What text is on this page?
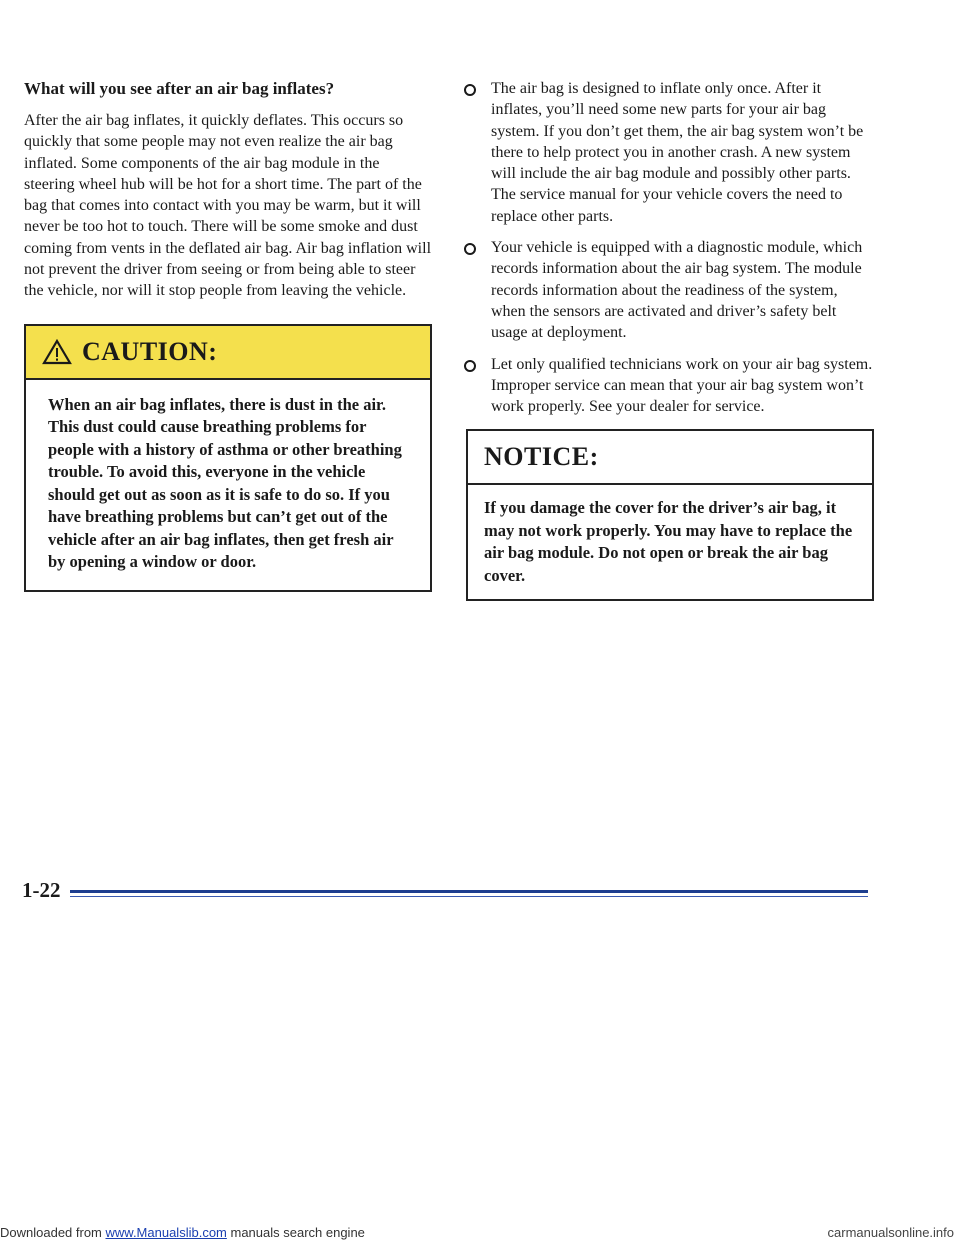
What will you see after an air bag inflates?

After the air bag inflates, it quickly deflates. This occurs so quickly that some people may not even realize the air bag inflated. Some components of the air bag module in the steering wheel hub will be hot for a short time. The part of the bag that comes into contact with you may be warm, but it will never be too hot to touch. There will be some smoke and dust coming from vents in the deflated air bag. Air bag inflation will not prevent the driver from seeing or from being able to steer the vehicle, nor will it stop people from leaving the vehicle.

CAUTION:
When an air bag inflates, there is dust in the air. This dust could cause breathing problems for people with a history of asthma or other breathing trouble. To avoid this, everyone in the vehicle should get out as soon as it is safe to do so. If you have breathing problems but can’t get out of the vehicle after an air bag inflates, then get fresh air by opening a window or door.
The air bag is designed to inflate only once. After it inflates, you’ll need some new parts for your air bag system. If you don’t get them, the air bag system won’t be there to help protect you in another crash. A new system will include the air bag module and possibly other parts. The service manual for your vehicle covers the need to replace other parts.
Your vehicle is equipped with a diagnostic module, which records information about the air bag system. The module records information about the readiness of the system, when the sensors are activated and driver’s safety belt usage at deployment.
Let only qualified technicians work on your air bag system. Improper service can mean that your air bag system won’t work properly. See your dealer for service.
NOTICE:
If you damage the cover for the driver’s air bag, it may not work properly. You may have to replace the air bag module. Do not open or break the air bag cover.
1-22
Downloaded from www.Manualslib.com manuals search engine	carmanualsonline.info
